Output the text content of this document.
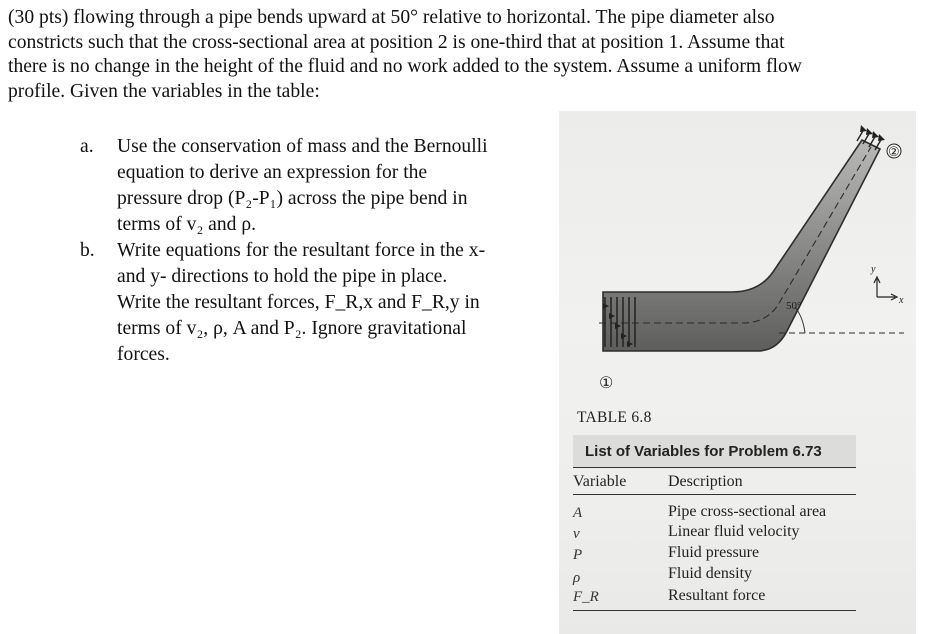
(30 pts) flowing through a pipe bends upward at 50° relative to horizontal. The pipe diameter also
constricts such that the cross-sectional area at position 2 is one-third that at position 1. Assume that
there is no change in the height of the fluid and no work added to the system. Assume a uniform flow
profile. Given the variables in the table:
a.	Use the conservation of mass and the Bernoulli
equation to derive an expression for the
pressure drop (P₂-P₁) across the pipe bend in
terms of v₂ and ρ.
b.	Write equations for the resultant force in the x-
and y- directions to hold the pipe in place.
Write the resultant forces, F_R,x and F_R,y in
terms of v₂, ρ, A and P₂. Ignore gravitational
forces.
②
50°
①
y
x
TABLE 6.8
List of Variables for Problem 6.73
Variable	Description
A	Pipe cross-sectional area
v	Linear fluid velocity
P	Fluid pressure
ρ	Fluid density
F_R	Resultant force
